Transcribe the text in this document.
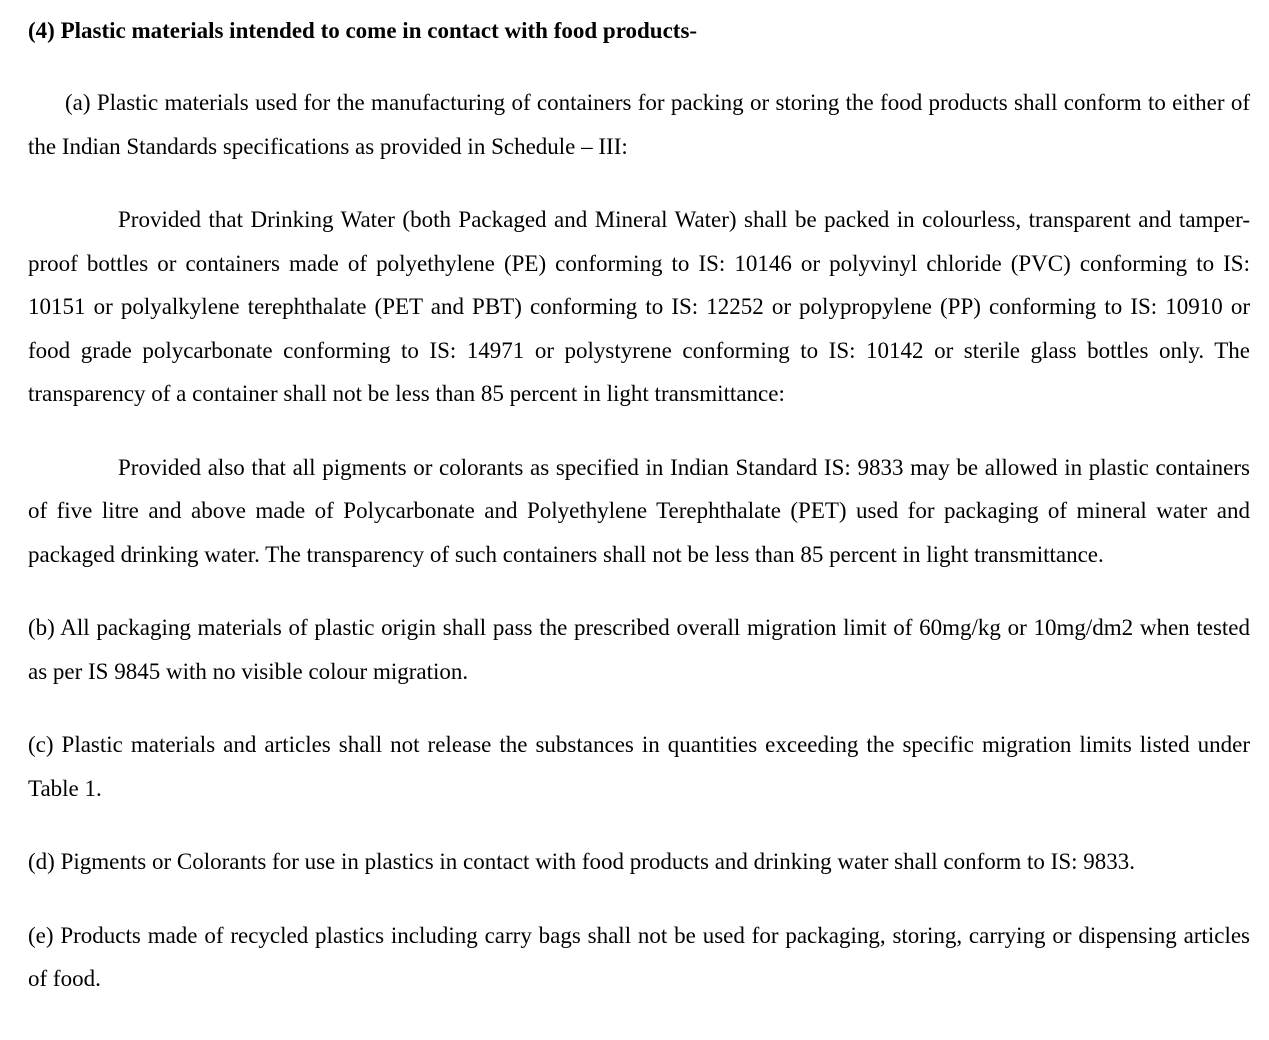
(4) Plastic materials intended to come in contact with food products-

(a) Plastic materials used for the manufacturing of containers for packing or storing the food products shall conform to either of the Indian Standards specifications as provided in Schedule – III:

Provided that Drinking Water (both Packaged and Mineral Water) shall be packed in colourless, transparent and tamper-proof bottles or containers made of polyethylene (PE) conforming to IS: 10146 or polyvinyl chloride (PVC) conforming to IS: 10151 or polyalkylene terephthalate (PET and PBT) conforming to IS: 12252 or polypropylene (PP) conforming to IS: 10910 or food grade polycarbonate conforming to IS: 14971 or polystyrene conforming to IS: 10142 or sterile glass bottles only. The transparency of a container shall not be less than 85 percent in light transmittance:

Provided also that all pigments or colorants as specified in Indian Standard IS: 9833 may be allowed in plastic containers of five litre and above made of Polycarbonate and Polyethylene Terephthalate (PET) used for packaging of mineral water and packaged drinking water. The transparency of such containers shall not be less than 85 percent in light transmittance.

(b) All packaging materials of plastic origin shall pass the prescribed overall migration limit of 60mg/kg or 10mg/dm2 when tested as per IS 9845 with no visible colour migration.

(c) Plastic materials and articles shall not release the substances in quantities exceeding the specific migration limits listed under Table 1.

(d) Pigments or Colorants for use in plastics in contact with food products and drinking water shall conform to IS: 9833.

(e) Products made of recycled plastics including carry bags shall not be used for packaging, storing, carrying or dispensing articles of food.
